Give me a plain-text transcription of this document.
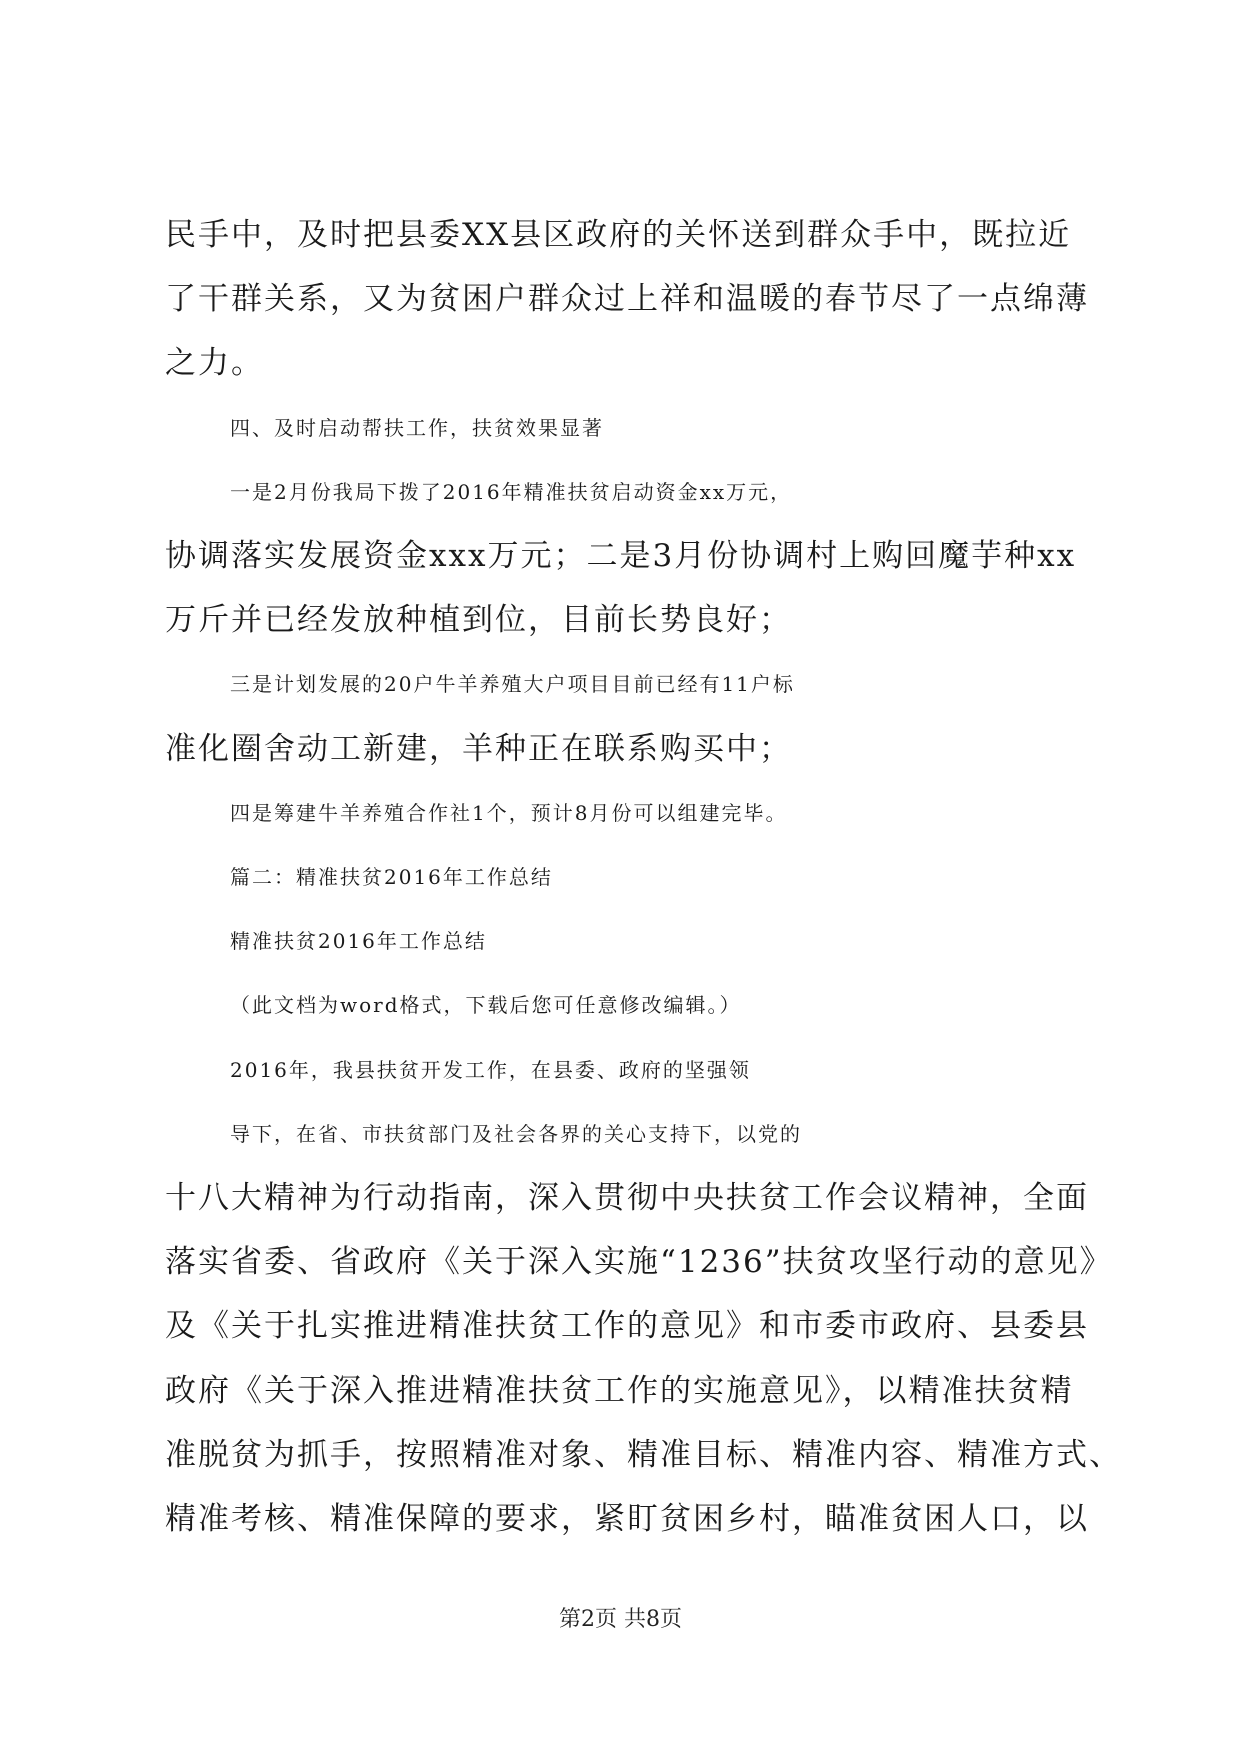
民手中，及时把县委XX县区政府的关怀送到群众手中，既拉近
了干群关系，又为贫困户群众过上祥和温暖的春节尽了一点绵薄
之力。
四、及时启动帮扶工作，扶贫效果显著
一是2月份我局下拨了2016年精准扶贫启动资金xx万元，
协调落实发展资金xxx万元；二是3月份协调村上购回魔芋种xx
万斤并已经发放种植到位，目前长势良好；
三是计划发展的20户牛羊养殖大户项目目前已经有11户标
准化圈舍动工新建，羊种正在联系购买中；
四是筹建牛羊养殖合作社1个，预计8月份可以组建完毕。
篇二：精准扶贫2016年工作总结
精准扶贫2016年工作总结
（此文档为word格式，下载后您可任意修改编辑。）
2016年，我县扶贫开发工作，在县委、政府的坚强领
导下，在省、市扶贫部门及社会各界的关心支持下，以党的
十八大精神为行动指南，深入贯彻中央扶贫工作会议精神，全面
落实省委、省政府《关于深入实施“1236”扶贫攻坚行动的意见》
及《关于扎实推进精准扶贫工作的意见》和市委市政府、县委县
政府《关于深入推进精准扶贫工作的实施意见》，以精准扶贫精
准脱贫为抓手，按照精准对象、精准目标、精准内容、精准方式、
精准考核、精准保障的要求，紧盯贫困乡村，瞄准贫困人口，以
第2页 共8页
